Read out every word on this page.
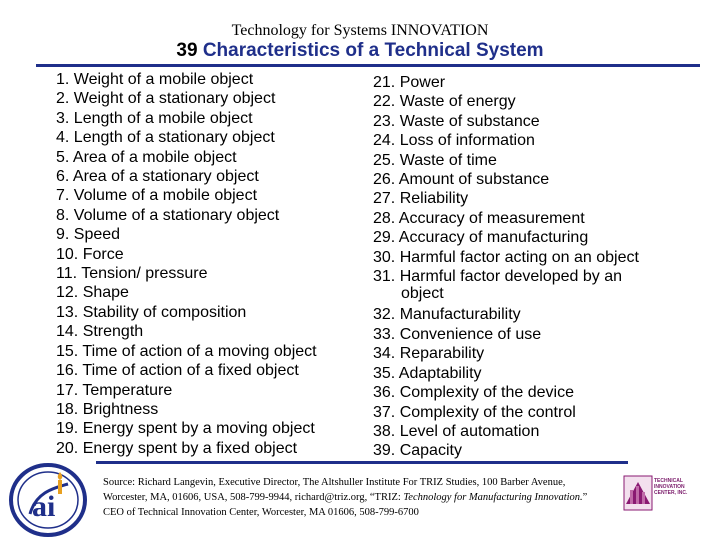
Technology for Systems INNOVATION
39 Characteristics of a Technical System
1. Weight of a mobile object
2. Weight of a stationary object
3. Length of a mobile object
4. Length of a stationary object
5. Area of a mobile object
6. Area of a stationary object
7. Volume of a mobile object
8. Volume of a stationary object
9. Speed
10. Force
11. Tension/ pressure
12. Shape
13. Stability of composition
14. Strength
15. Time of action of a moving object
16. Time of action of a fixed object
17. Temperature
18. Brightness
19. Energy spent by a moving object
20. Energy spent by a fixed object
21. Power
22. Waste of energy
23. Waste of substance
24. Loss of information
25. Waste of time
26. Amount of substance
27. Reliability
28. Accuracy of measurement
29. Accuracy of manufacturing
30. Harmful factor acting on an object
31. Harmful factor developed by an
object
32. Manufacturability
33. Convenience of use
34. Reparability
35. Adaptability
36. Complexity of the device
37. Complexity of the control
38. Level of automation
39. Capacity
ai
Source: Richard Langevin, Executive Director, The Altshuller Institute For TRIZ Studies, 100 Barber Avenue, Worcester, MA, 01606, USA, 508-799-9944, richard@triz.org, “TRIZ: Technology for Manufacturing Innovation.” CEO of Technical Innovation Center, Worcester, MA 01606, 508-799-6700
TECHNICAL INNOVATION CENTER, INC.
